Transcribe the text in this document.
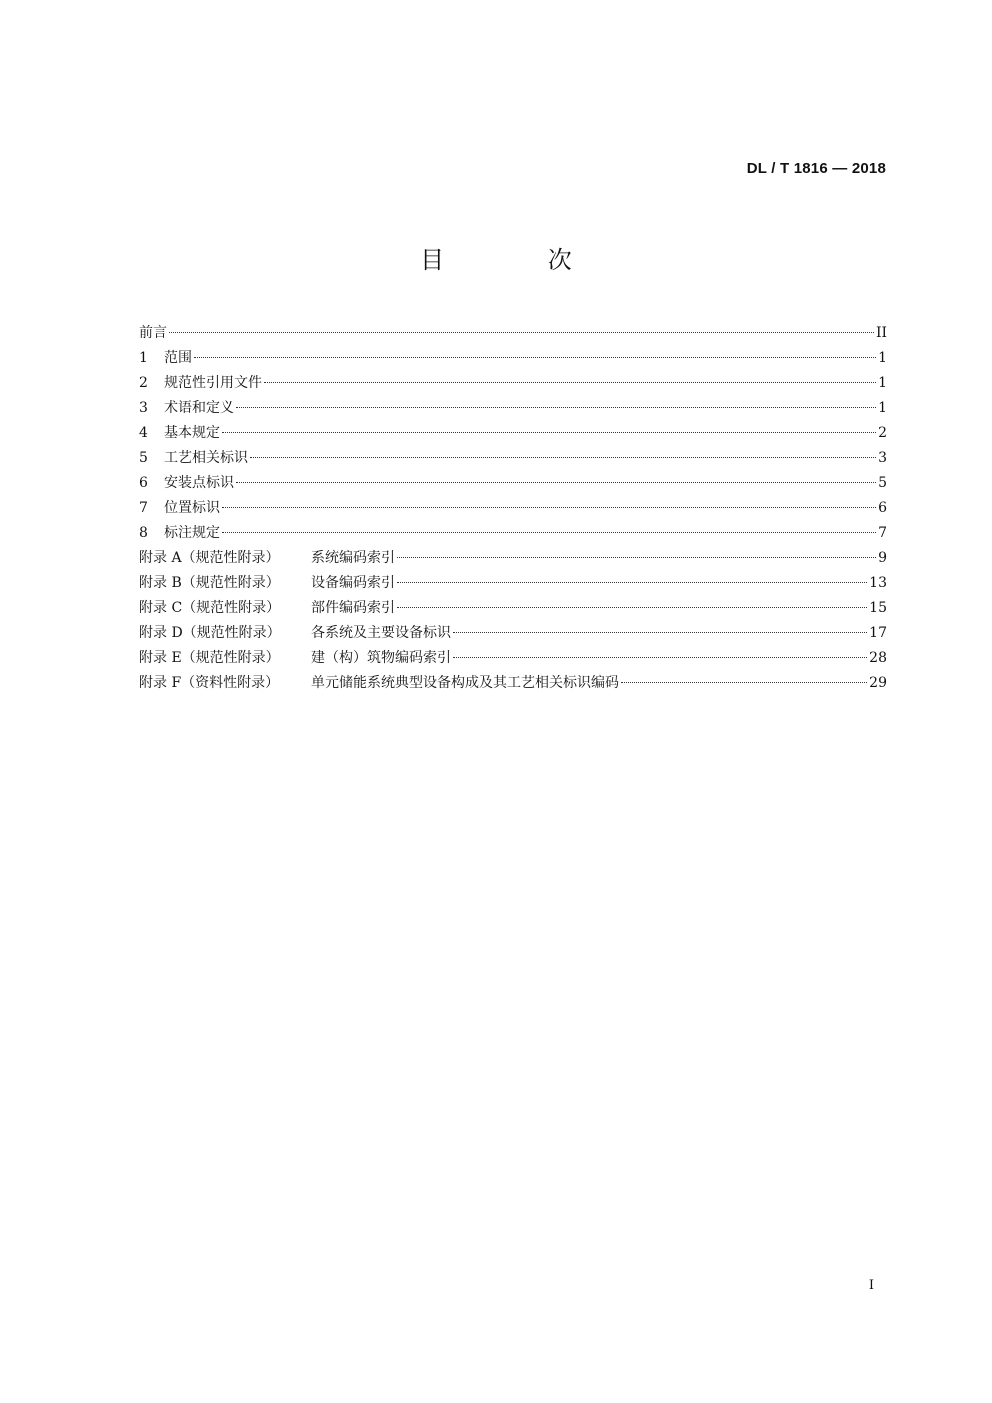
DL / T 1816 — 2018
目 次
前言	II
1 范围	1
2 规范性引用文件	1
3 术语和定义	1
4 基本规定	2
5 工艺相关标识	3
6 安装点标识	5
7 位置标识	6
8 标注规定	7
附录 A（规范性附录） 系统编码索引	9
附录 B（规范性附录） 设备编码索引	13
附录 C（规范性附录） 部件编码索引	15
附录 D（规范性附录） 各系统及主要设备标识	17
附录 E（规范性附录） 建（构）筑物编码索引	28
附录 F（资料性附录） 单元储能系统典型设备构成及其工艺相关标识编码	29
I
